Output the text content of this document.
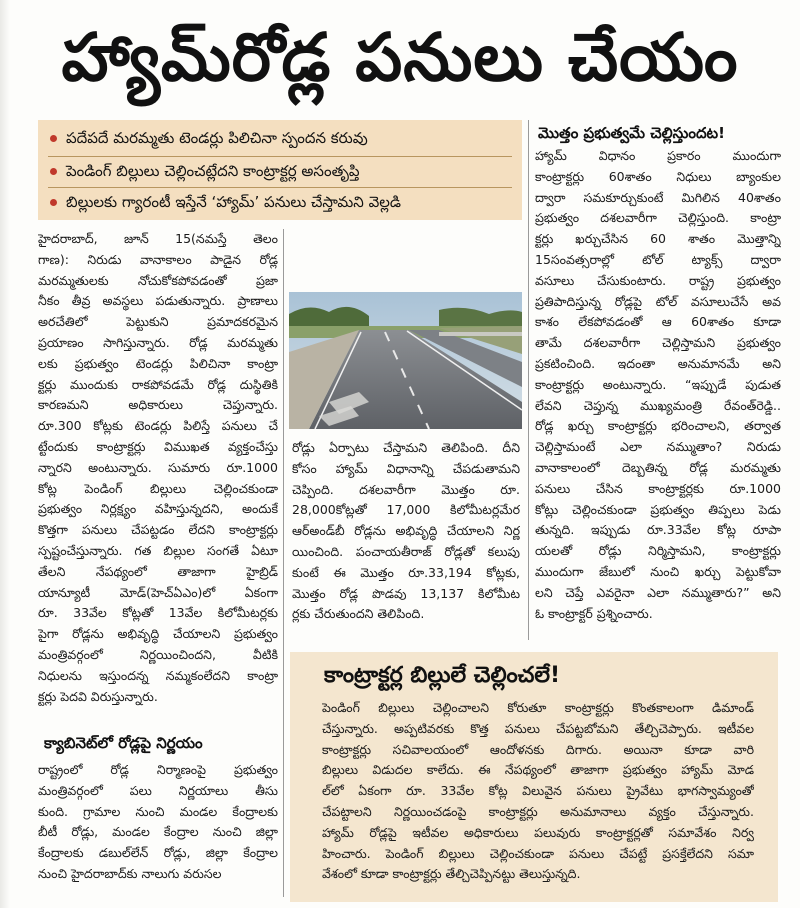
హ్యామ్‌రోడ్ల పనులు చేయం
పదేపదే మరమ్మతు టెండర్లు పిలిచినా స్పందన కరువు
పెండింగ్ బిల్లులు చెల్లించట్లేదని కాంట్రాక్టర్ల అసంతృప్తి
బిల్లులకు గ్యారంటీ ఇస్తేనే ‘హ్యామ్’ పనులు చేస్తామని వెల్లడి
హైదరాబాద్, జూన్ 15(నమస్తే తెలం
గాణ): నిరుడు వానాకాలం పాడైన రోడ్ల
మరమ్మతులకు నోచుకోకపోవడంతో ప్రజా
నీకం తీవ్ర అవస్థలు పడుతున్నారు. ప్రాణాలు
అరచేతిలో పెట్టుకుని ప్రమాదకరమైన
ప్రయాణం సాగిస్తున్నారు. రోడ్ల మరమ్మతు
లకు ప్రభుత్వం టెండర్లు పిలిచినా కాంట్రా
క్టర్లు ముందుకు రాకపోవడమే రోడ్ల దుస్థితికి
కారణమని అధికారులు చెప్తున్నారు.
రూ.300 కోట్లకు టెండర్లు పిలిస్తే పనులు చే
ట్టేందుకు కాంట్రాక్టర్లు విముఖత వ్యక్తంచేస్తు
న్నారని అంటున్నారు. సుమారు రూ.1000
కోట్ల పెండింగ్ బిల్లులు చెల్లించకుండా
ప్రభుత్వం నిర్లక్ష్యం వహిస్తున్నదని, అందుకే
కొత్తగా పనులు చేపట్టడం లేదని కాంట్రాక్టర్లు
స్పష్టంచేస్తున్నారు. గత బిల్లుల సంగతే ఏటూ
తేలని నేపథ్యంలో తాజాగా హైబ్రిడ్
యాన్యూటీ మోడ్(హెచ్‌ఏఎం)లో ఏకంగా
రూ. 33వేల కోట్లతో 13వేల కిలోమీటర్లకు
పైగా రోడ్లను అభివృద్ధి చేయాలని ప్రభుత్వం
మంత్రివర్గంలో నిర్ణయించిందని, వీటికి
నిధులను ఇస్తుందన్న నమ్మకంలేదని కాంట్రా
క్టర్లు పెదవి విరుస్తున్నారు.
క్యాబినెట్‌లో రోడ్లపై నిర్ణయం
రాష్ట్రంలో రోడ్ల నిర్మాణంపై ప్రభుత్వం
మంత్రివర్గంలో పలు నిర్ణయాలు తీసు
కుంది. గ్రామాల నుంచి మండల కేంద్రాలకు
బీటీ రోడ్లు, మండల కేంద్రాల నుంచి జిల్లా
కేంద్రాలకు డబుల్‌లేన్ రోడ్లు, జిల్లా కేంద్రాల
నుంచి హైదరాబాద్‌కు నాలుగు వరుసల
రోడ్లు ఏర్పాటు చేస్తామని తెలిపింది. దీని
కోసం హ్యామ్ విధానాన్ని చేపడుతామని
చెప్పింది. దశలవారీగా మొత్తం రూ.
28,000కోట్లతో 17,000 కిలోమీటర్లమేర
ఆర్‌అండ్‌బీ రోడ్లను అభివృద్ధి చేయాలని నిర్ణ
యించింది. పంచాయతీరాజ్ రోడ్లతో కలుపు
కుంటే ఈ మొత్తం రూ.33,194 కోట్లకు,
మొత్తం రోడ్ల పొడవు 13,137 కిలోమీట
ర్లకు చేరుతుందని తెలిపింది.
మొత్తం ప్రభుత్వమే చెల్లిస్తుందట!
హ్యామ్ విధానం ప్రకారం ముందుగా
కాంట్రాక్టర్లు 60శాతం నిధులు బ్యాంకుల
ద్వారా సమకూర్చుకుంటే మిగిలిన 40శాతం
ప్రభుత్వం దశలవారీగా చెల్లిస్తుంది. కాంట్రా
క్టర్లు ఖర్చుచేసిన 60 శాతం మొత్తాన్ని
15సంవత్సరాల్లో టోల్ ట్యాక్స్ ద్వారా
వసూలు చేసుకుంటారు. రాష్ట్ర ప్రభుత్వం
ప్రతిపాదిస్తున్న రోడ్లపై టోల్ వసూలుచేసే అవ
కాశం లేకపోవడంతో ఆ 60శాతం కూడా
తామే దశలవారీగా చెల్లిస్తామని ప్రభుత్వం
ప్రకటించింది. ఇదంతా అనుమానమే అని
కాంట్రాక్టర్లు అంటున్నారు. “ఇప్పుడే పుడుత
లేవని చెప్తున్న ముఖ్యమంత్రి రేవంత్‌రెడ్డి..
రోడ్ల ఖర్చు కాంట్రాక్టర్లు భరించాలని, తర్వాత
చెల్లిస్తామంటే ఎలా నమ్ముతాం? నిరుడు
వానాకాలంలో దెబ్బతిన్న రోడ్ల మరమ్మతు
పనులు చేసిన కాంట్రాక్టర్లకు రూ.1000
కోట్లు చెల్లించకుండా ప్రభుత్వం తిప్పలు పెడు
తున్నది. ఇప్పుడు రూ.33వేల కోట్ల రూపా
యలతో రోడ్లు నిర్మిస్తామని, కాంట్రాక్టర్లు
ముందుగా జేబులో నుంచి ఖర్చు పెట్టుకోవా
లని చెప్తే ఎవరైనా ఎలా నమ్ముతారు?” అని
ఓ కాంట్రాక్టర్ ప్రశ్నించారు.
కాంట్రాక్టర్ల బిల్లులే చెల్లించలే!
పెండింగ్ బిల్లులు చెల్లించాలని కోరుతూ కాంట్రాక్టర్లు కొంతకాలంగా డిమాండ్
చేస్తున్నారు. అప్పటివరకు కొత్త పనులు చేపట్టబోమని తేల్చిచెప్పారు. ఇటీవల
కాంట్రాక్టర్లు సచివాలయంలో ఆందోళనకు దిగారు. అయినా కూడా వారి
బిల్లులు విడుదల కాలేదు. ఈ నేపథ్యంలో తాజాగా ప్రభుత్వం హ్యామ్ మోడ
ల్‌లో ఏకంగా రూ. 33వేల కోట్ల విలువైన పనులు ప్రైవేటు భాగస్వామ్యంతో
చేపట్టాలని నిర్ణయించడంపై కాంట్రాక్టర్లు అనుమానాలు వ్యక్తం చేస్తున్నారు.
హ్యామ్ రోడ్లపై ఇటీవల అధికారులు పలువురు కాంట్రాక్టర్లతో సమావేశం నిర్వ
హించారు. పెండింగ్ బిల్లులు చెల్లించకుండా పనులు చేపట్టే ప్రసక్తేలేదని సమా
వేశంలో కూడా కాంట్రాక్టర్లు తేల్చిచెప్పినట్టు తెలుస్తున్నది.
